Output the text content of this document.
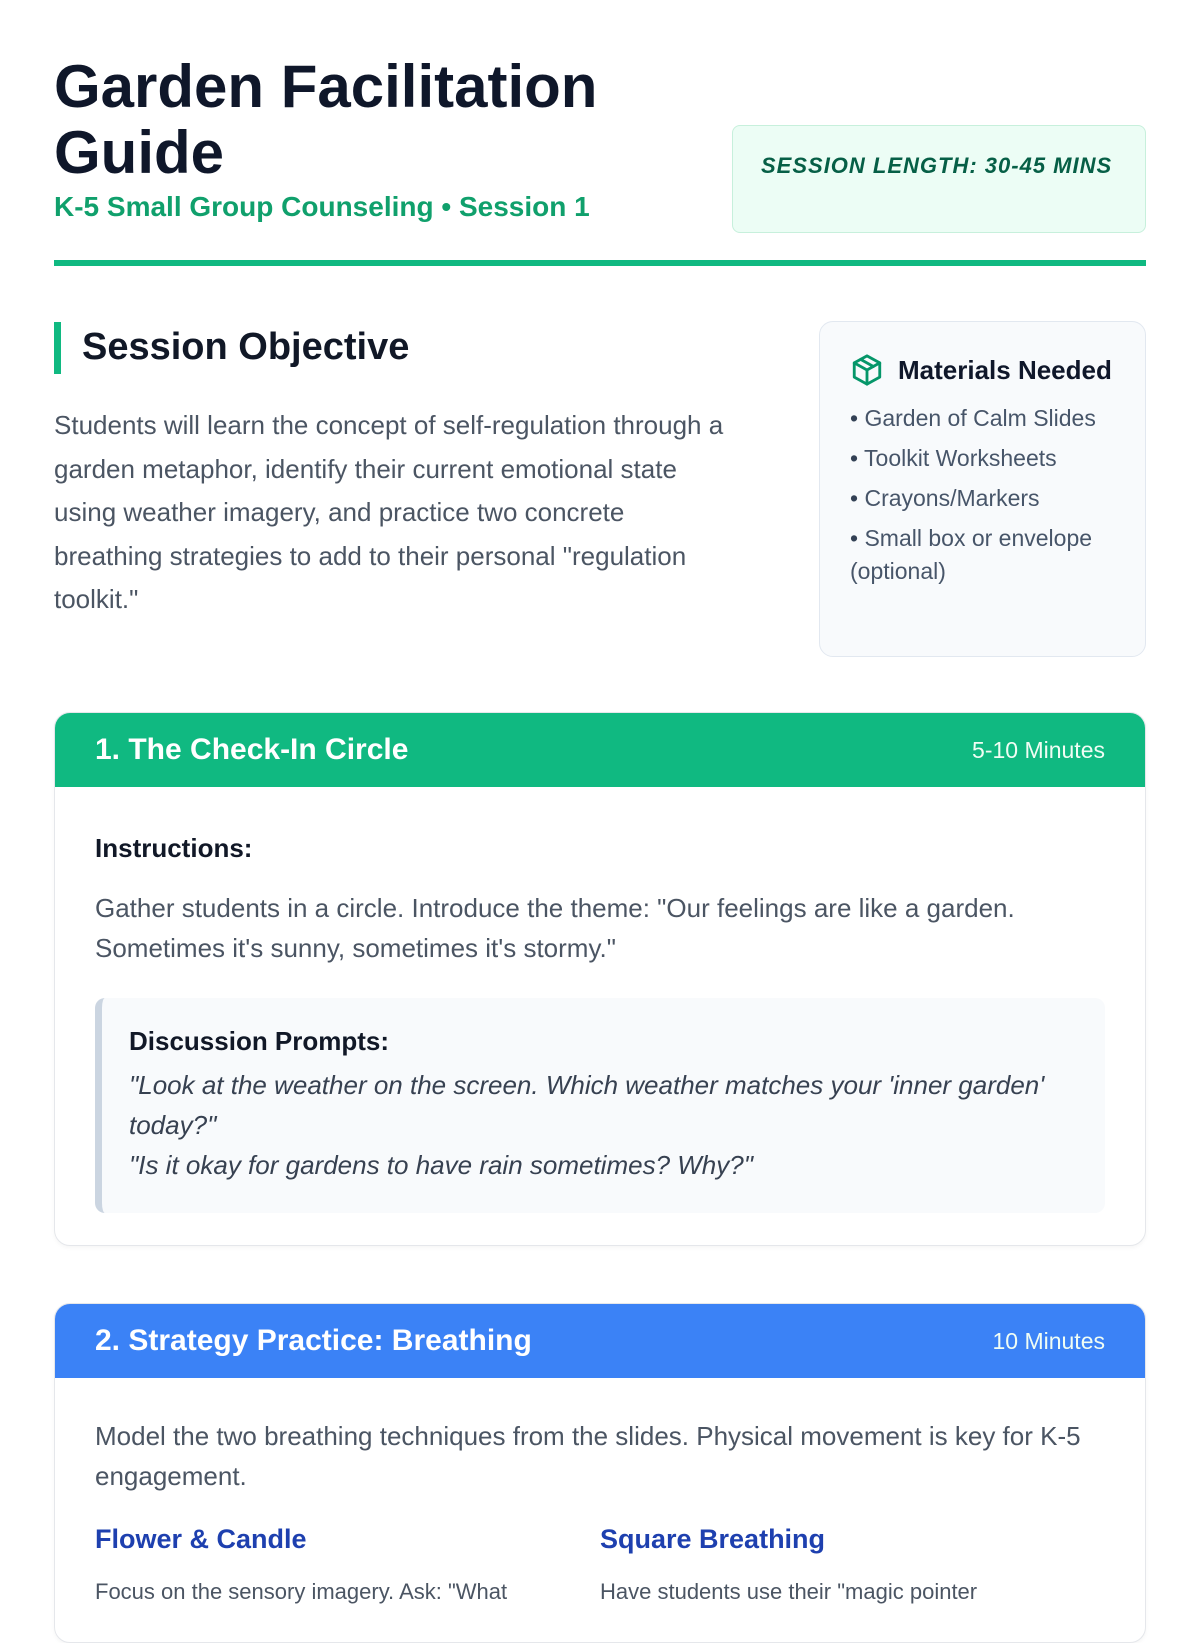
Garden Facilitation Guide

K-5 Small Group Counseling • Session 1

SESSION LENGTH: 30-45 MINS
Session Objective

Students will learn the concept of self-regulation through a garden metaphor, identify their current emotional state using weather imagery, and practice two concrete breathing strategies to add to their personal "regulation toolkit."

Materials Needed
• Garden of Calm Slides
• Toolkit Worksheets
• Crayons/Markers
• Small box or envelope (optional)
1. The Check-In Circle	5-10 Minutes

Instructions:

Gather students in a circle. Introduce the theme: "Our feelings are like a garden. Sometimes it's sunny, sometimes it's stormy."

Discussion Prompts:

"Look at the weather on the screen. Which weather matches your 'inner garden' today?"

"Is it okay for gardens to have rain sometimes? Why?"

2. Strategy Practice: Breathing	10 Minutes

Model the two breathing techniques from the slides. Physical movement is key for K-5 engagement.

Flower & Candle

Focus on the sensory imagery. Ask: "What

Square Breathing

Have students use their "magic pointer
